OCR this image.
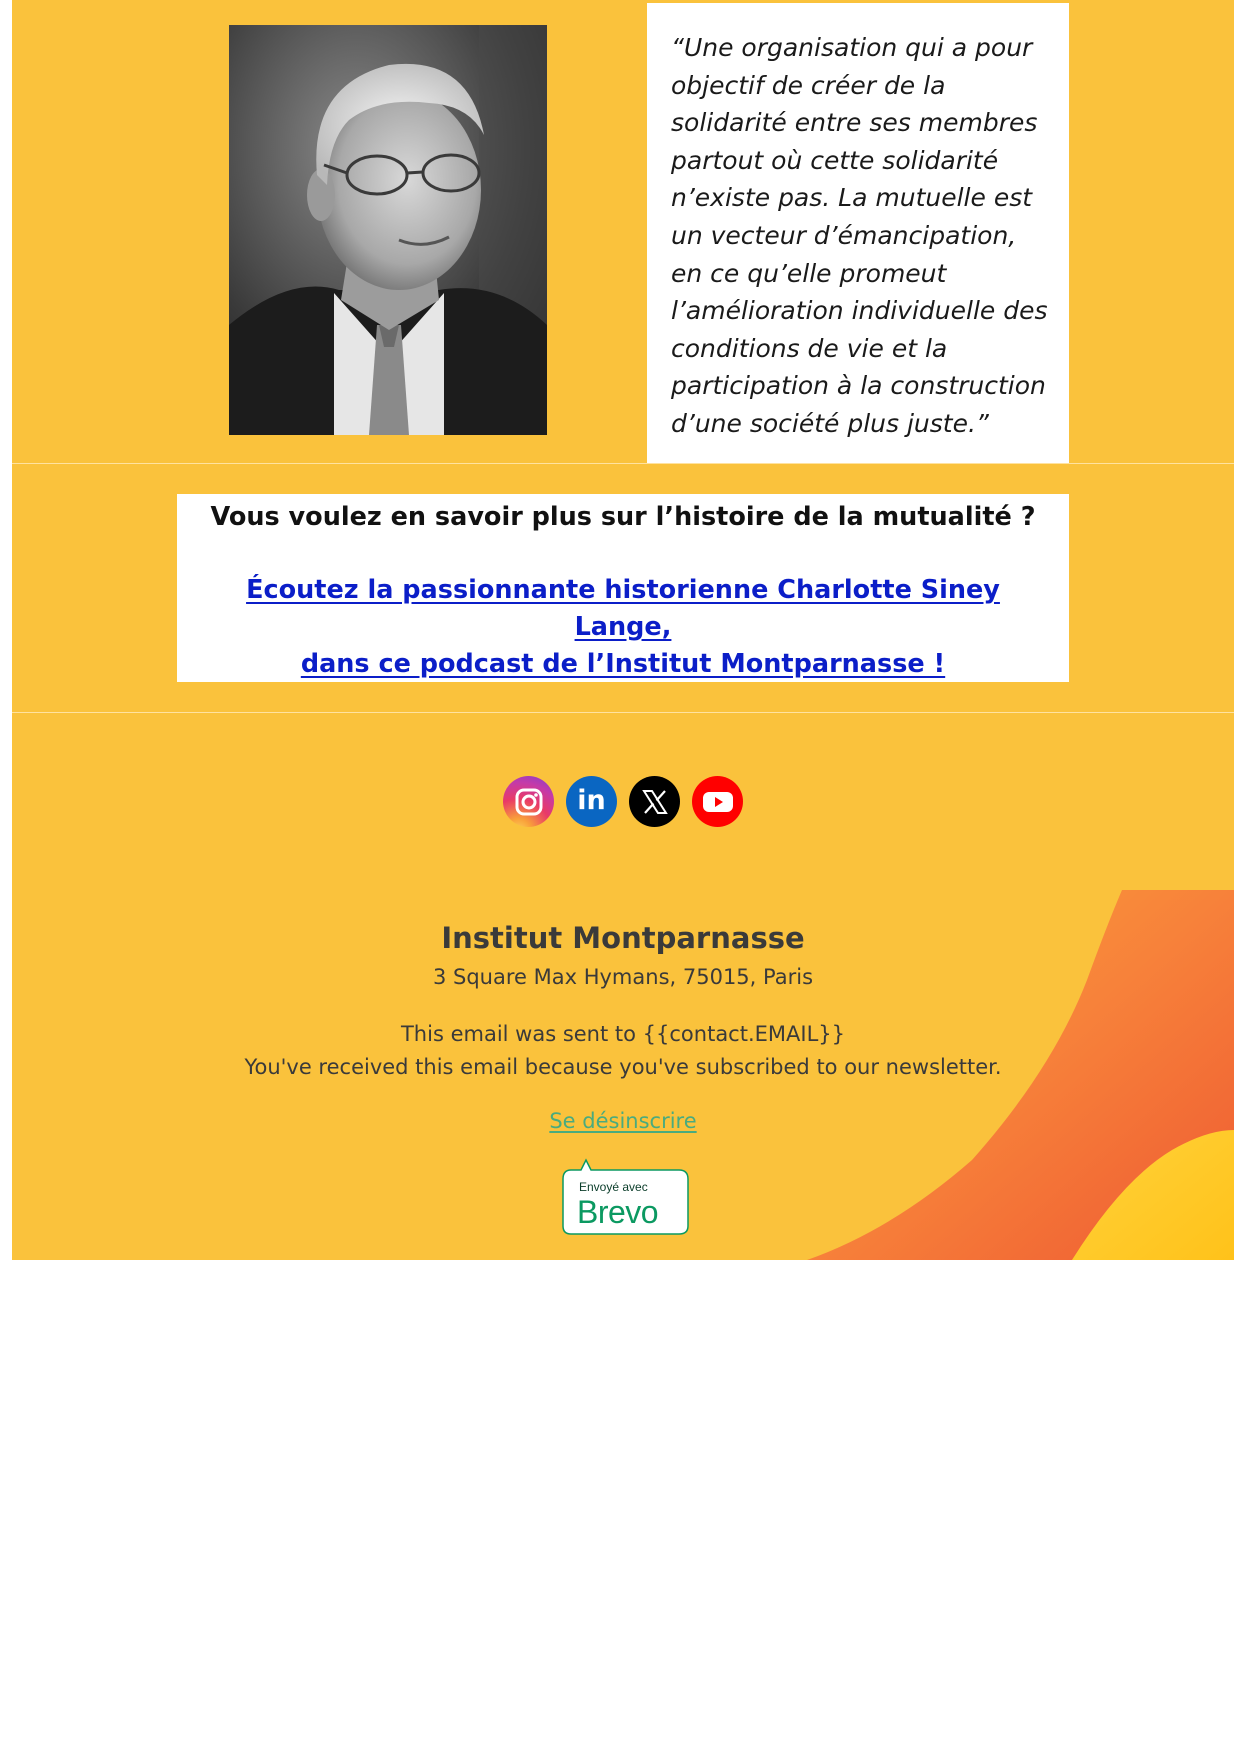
“Une organisation qui a pour objectif de créer de la solidarité entre ses membres partout où cette solidarité n’existe pas. La mutuelle est un vecteur d’émancipation, en ce qu’elle promeut l’amélioration individuelle des conditions de vie et la participation à la construction d’une société plus juste.”

Vous voulez en savoir plus sur l’histoire de la mutualité ?

Écoutez la passionnante historienne Charlotte Siney Lange,
dans ce podcast de l’Institut Montparnasse !
in

Institut Montparnasse

3 Square Max Hymans, 75015, Paris

This email was sent to {{contact.EMAIL}}

You've received this email because you've subscribed to our newsletter.

Se désinscrire
Envoyé avec
Brevo
